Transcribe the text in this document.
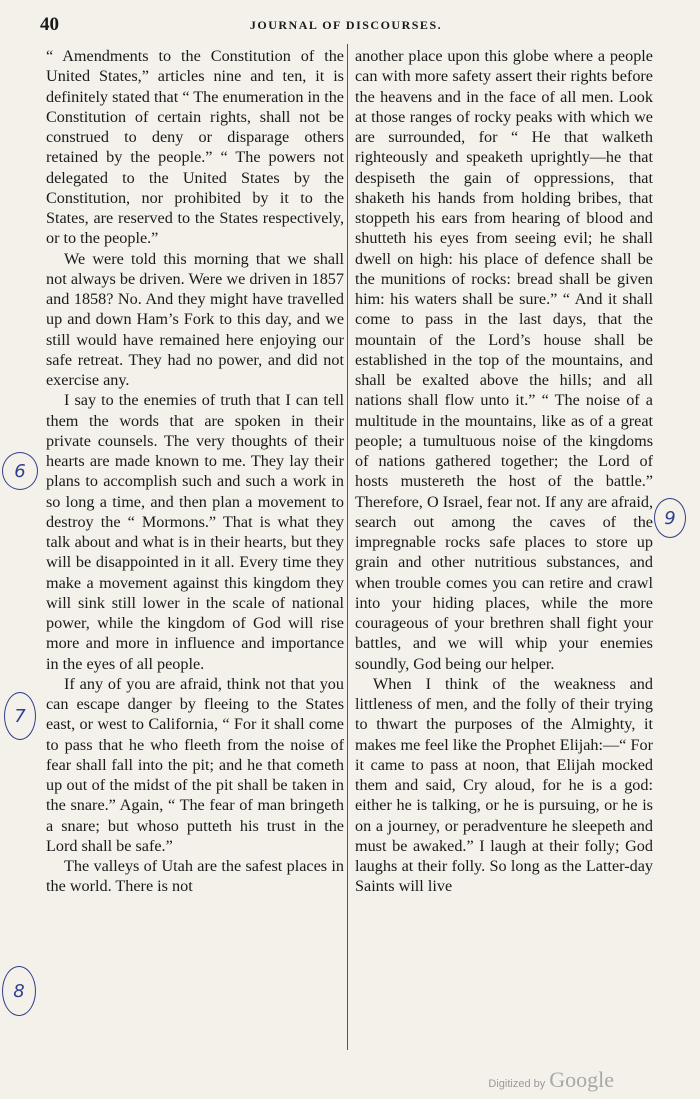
40	JOURNAL OF DISCOURSES.

“ Amendments to the Constitution of the United States,” articles nine and ten, it is definitely stated that “ The enumeration in the Constitution of certain rights, shall not be construed to deny or disparage others retained by the people.” “ The powers not delegated to the United States by the Constitution, nor prohibited by it to the States, are reserved to the States respectively, or to the people.”

We were told this morning that we shall not always be driven. Were we driven in 1857 and 1858? No. And they might have travelled up and down Ham’s Fork to this day, and we still would have remained here enjoying our safe retreat. They had no power, and did not exercise any.

I say to the enemies of truth that I can tell them the words that are spoken in their private counsels. The very thoughts of their hearts are made known to me. They lay their plans to accomplish such and such a work in so long a time, and then plan a movement to destroy the “ Mormons.” That is what they talk about and what is in their hearts, but they will be disappointed in it all. Every time they make a movement against this kingdom they will sink still lower in the scale of national power, while the kingdom of God will rise more and more in influence and importance in the eyes of all people.

If any of you are afraid, think not that you can escape danger by fleeing to the States east, or west to California, “ For it shall come to pass that he who fleeth from the noise of fear shall fall into the pit; and he that cometh up out of the midst of the pit shall be taken in the snare.” Again, “ The fear of man bringeth a snare; but whoso putteth his trust in the Lord shall be safe.”

The valleys of Utah are the safest places in the world. There is not

another place upon this globe where a people can with more safety assert their rights before the heavens and in the face of all men. Look at those ranges of rocky peaks with which we are surrounded, for “ He that walketh righteously and speaketh uprightly—he that despiseth the gain of oppressions, that shaketh his hands from holding bribes, that stoppeth his ears from hearing of blood and shutteth his eyes from seeing evil; he shall dwell on high: his place of defence shall be the munitions of rocks: bread shall be given him: his waters shall be sure.” “ And it shall come to pass in the last days, that the mountain of the Lord’s house shall be established in the top of the mountains, and shall be exalted above the hills; and all nations shall flow unto it.” “ The noise of a multitude in the mountains, like as of a great people; a tumultuous noise of the kingdoms of nations gathered together; the Lord of hosts mustereth the host of the battle.” Therefore, O Israel, fear not. If any are afraid, search out among the caves of the impregnable rocks safe places to store up grain and other nutritious substances, and when trouble comes you can retire and crawl into your hiding places, while the more courageous of your brethren shall fight your battles, and we will whip your enemies soundly, God being our helper.

When I think of the weakness and littleness of men, and the folly of their trying to thwart the purposes of the Almighty, it makes me feel like the Prophet Elijah:—“ For it came to pass at noon, that Elijah mocked them and said, Cry aloud, for he is a god: either he is talking, or he is pursuing, or he is on a journey, or peradventure he sleepeth and must be awaked.” I laugh at their folly; God laughs at their folly. So long as the Latter-day Saints will live

6
9
7
8
Digitized by Google
